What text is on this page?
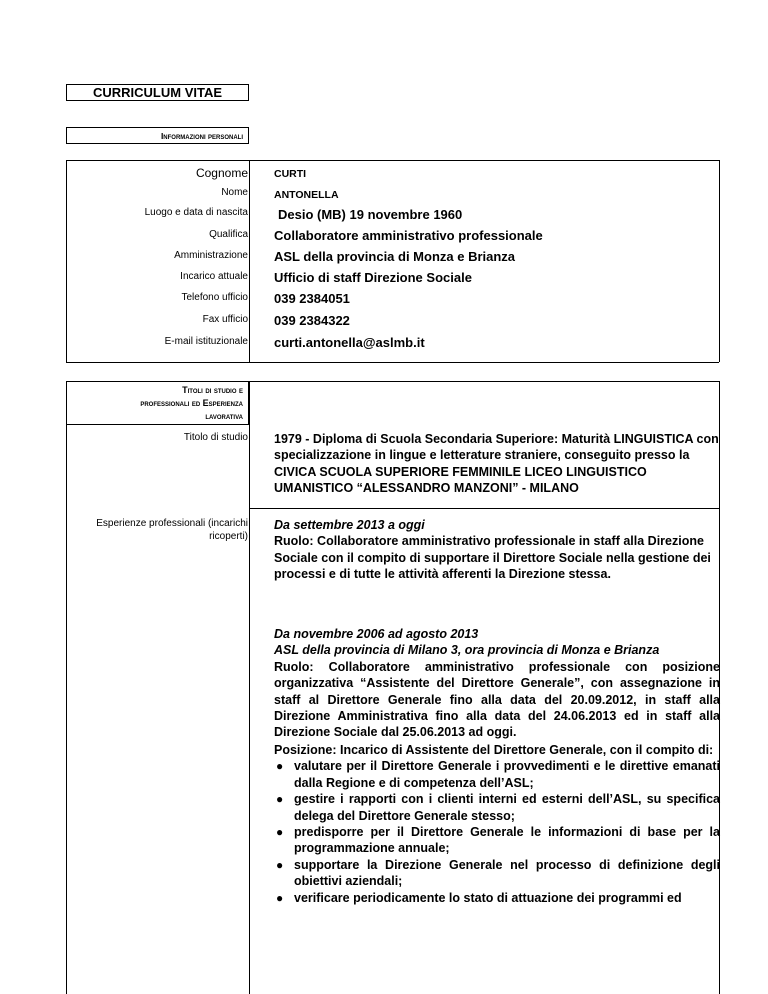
CURRICULUM VITAE
Informazioni personali
Cognome CURTI
Nome ANTONELLA
Luogo e data di nascita Desio (MB) 19 novembre 1960
Qualifica Collaboratore amministrativo professionale
Amministrazione ASL della provincia di Monza e Brianza
Incarico attuale Ufficio di staff Direzione Sociale
Telefono ufficio 039 2384051
Fax ufficio 039 2384322
E-mail istituzionale curti.antonella@aslmb.it
Titoli di studio e
professionali ed Esperienza
lavorativa
Titolo di studio 1979 - Diploma di Scuola Secondaria Superiore: Maturità LINGUISTICA con specializzazione in lingue e letterature straniere, conseguito presso la CIVICA SCUOLA SUPERIORE FEMMINILE LICEO LINGUISTICO UMANISTICO “ALESSANDRO MANZONI” - MILANO
Esperienze professionali (incarichi ricoperti)
Da settembre 2013 a oggi
Ruolo: Collaboratore amministrativo professionale in staff alla Direzione Sociale con il compito di supportare il Direttore Sociale nella gestione dei processi e di tutte le attività afferenti la Direzione stessa.
Da novembre 2006 ad agosto 2013
ASL della provincia di Milano 3, ora provincia di Monza e Brianza
Ruolo: Collaboratore amministrativo professionale con posizione organizzativa “Assistente del Direttore Generale”, con assegnazione in staff al Direttore Generale fino alla data del 20.09.2012, in staff alla Direzione Amministrativa fino alla data del 24.06.2013 ed in staff alla Direzione Sociale dal 25.06.2013 ad oggi.
Posizione: Incarico di Assistente del Direttore Generale, con il compito di:
● valutare per il Direttore Generale i provvedimenti e le direttive emanati dalla Regione e di competenza dell’ASL;
● gestire i rapporti con i clienti interni ed esterni dell’ASL, su specifica delega del Direttore Generale stesso;
● predisporre per il Direttore Generale le informazioni di base per la programmazione annuale;
● supportare la Direzione Generale nel processo di definizione degli obiettivi aziendali;
● verificare periodicamente lo stato di attuazione dei programmi ed
